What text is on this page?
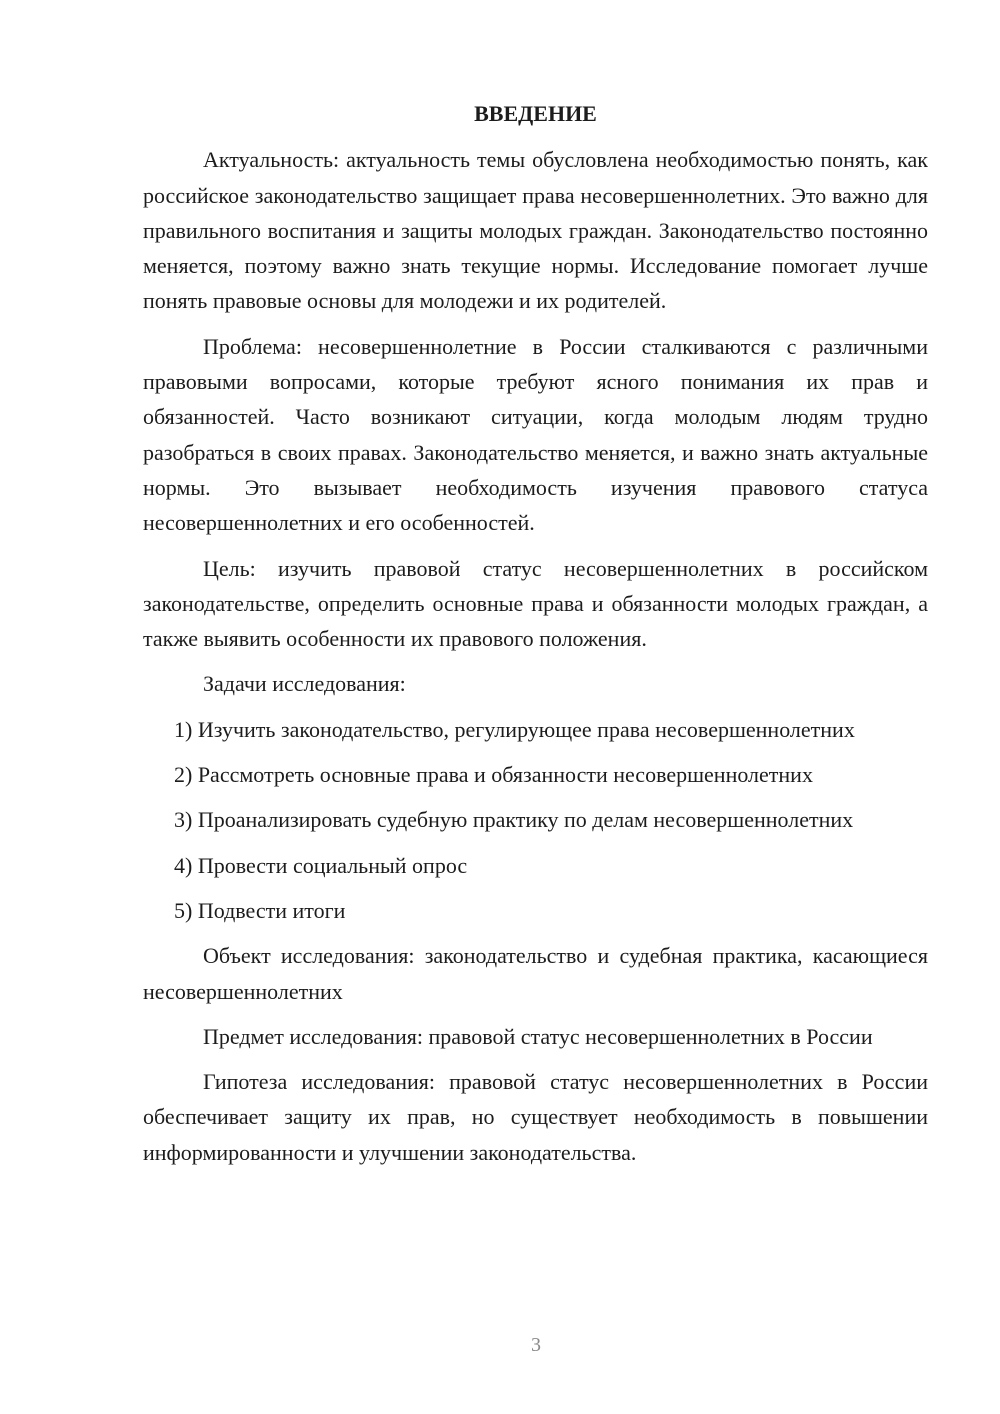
ВВЕДЕНИЕ

Актуальность: актуальность темы обусловлена необходимостью понять, как российское законодательство защищает права несовершеннолетних. Это важно для правильного воспитания и защиты молодых граждан. Законодательство постоянно меняется, поэтому важно знать текущие нормы. Исследование помогает лучше понять правовые основы для молодежи и их родителей.

Проблема: несовершеннолетние в России сталкиваются с различными правовыми вопросами, которые требуют ясного понимания их прав и обязанностей. Часто возникают ситуации, когда молодым людям трудно разобраться в своих правах. Законодательство меняется, и важно знать актуальные нормы. Это вызывает необходимость изучения правового статуса несовершеннолетних и его особенностей.

Цель: изучить правовой статус несовершеннолетних в российском законодательстве, определить основные права и обязанности молодых граждан, а также выявить особенности их правового положения.

Задачи исследования:

1) Изучить законодательство, регулирующее права несовершеннолетних

2) Рассмотреть основные права и обязанности несовершеннолетних

3) Проанализировать судебную практику по делам несовершеннолетних

4) Провести социальный опрос

5) Подвести итоги

Объект исследования: законодательство и судебная практика, касающиеся несовершеннолетних

Предмет исследования: правовой статус несовершеннолетних в России

Гипотеза исследования: правовой статус несовершеннолетних в России обеспечивает защиту их прав, но существует необходимость в повышении информированности и улучшении законодательства.

3
